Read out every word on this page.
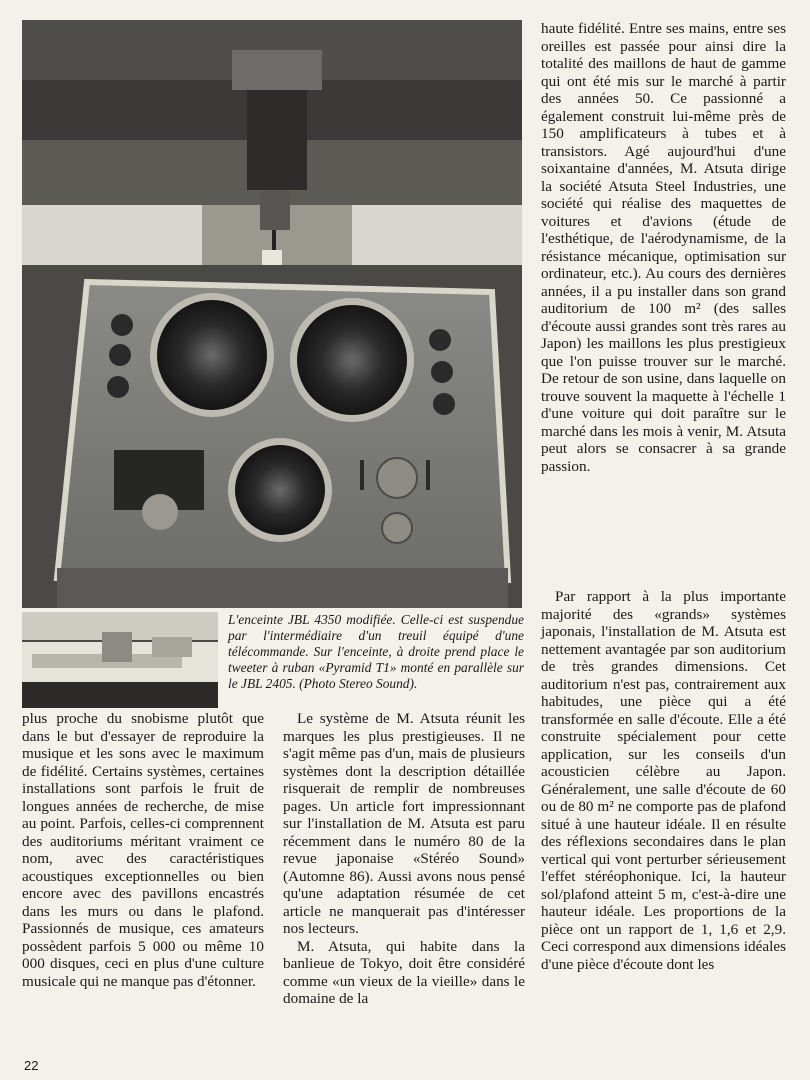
L'enceinte JBL 4350 modifiée. Celle-ci est suspendue par l'intermédiaire d'un treuil équipé d'une télécommande. Sur l'enceinte, à droite prend place le tweeter à ruban «Pyramid T1» monté en parallèle sur le JBL 2405. (Photo Stereo Sound).

plus proche du snobisme plutôt que dans le but d'essayer de reproduire la musique et les sons avec le maximum de fidélité. Certains systèmes, certaines installations sont parfois le fruit de longues années de recherche, de mise au point. Parfois, celles-ci comprennent des auditoriums méritant vraiment ce nom, avec des caractéristiques acoustiques exceptionnelles ou bien encore avec des pavillons encastrés dans les murs ou dans le plafond. Passionnés de musique, ces amateurs possèdent parfois 5 000 ou même 10 000 disques, ceci en plus d'une culture musicale qui ne manque pas d'étonner.

Le système de M. Atsuta réunit les marques les plus prestigieuses. Il ne s'agit même pas d'un, mais de plusieurs systèmes dont la description détaillée risquerait de remplir de nombreuses pages. Un article fort impressionnant sur l'installation de M. Atsuta est paru récemment dans le numéro 80 de la revue japonaise «Stéréo Sound» (Automne 86). Aussi avons nous pensé qu'une adaptation résumée de cet article ne manquerait pas d'intéresser nos lecteurs.

M. Atsuta, qui habite dans la banlieue de Tokyo, doit être considéré comme «un vieux de la vieille» dans le domaine de la

haute fidélité. Entre ses mains, entre ses oreilles est passée pour ainsi dire la totalité des maillons de haut de gamme qui ont été mis sur le marché à partir des années 50. Ce passionné a également construit lui-même près de 150 amplificateurs à tubes et à transistors. Agé aujourd'hui d'une soixantaine d'années, M. Atsuta dirige la société Atsuta Steel Industries, une société qui réalise des maquettes de voitures et d'avions (étude de l'esthétique, de l'aérodynamisme, de la résistance mécanique, optimisation sur ordinateur, etc.). Au cours des dernières années, il a pu installer dans son grand auditorium de 100 m² (des salles d'écoute aussi grandes sont très rares au Japon) les maillons les plus prestigieux que l'on puisse trouver sur le marché. De retour de son usine, dans laquelle on trouve souvent la maquette à l'échelle 1 d'une voiture qui doit paraître sur le marché dans les mois à venir, M. Atsuta peut alors se consacrer à sa grande passion.

Par rapport à la plus importante majorité des «grands» systèmes japonais, l'installation de M. Atsuta est nettement avantagée par son auditorium de très grandes dimensions. Cet auditorium n'est pas, contrairement aux habitudes, une pièce qui a été transformée en salle d'écoute. Elle a été construite spécialement pour cette application, sur les conseils d'un acousticien célèbre au Japon. Généralement, une salle d'écoute de 60 ou de 80 m² ne comporte pas de plafond situé à une hauteur idéale. Il en résulte des réflexions secondaires dans le plan vertical qui vont perturber sérieusement l'effet stéréophonique. Ici, la hauteur sol/plafond atteint 5 m, c'est-à-dire une hauteur idéale. Les proportions de la pièce ont un rapport de 1, 1,6 et 2,9. Ceci correspond aux dimensions idéales d'une pièce d'écoute dont les

22
